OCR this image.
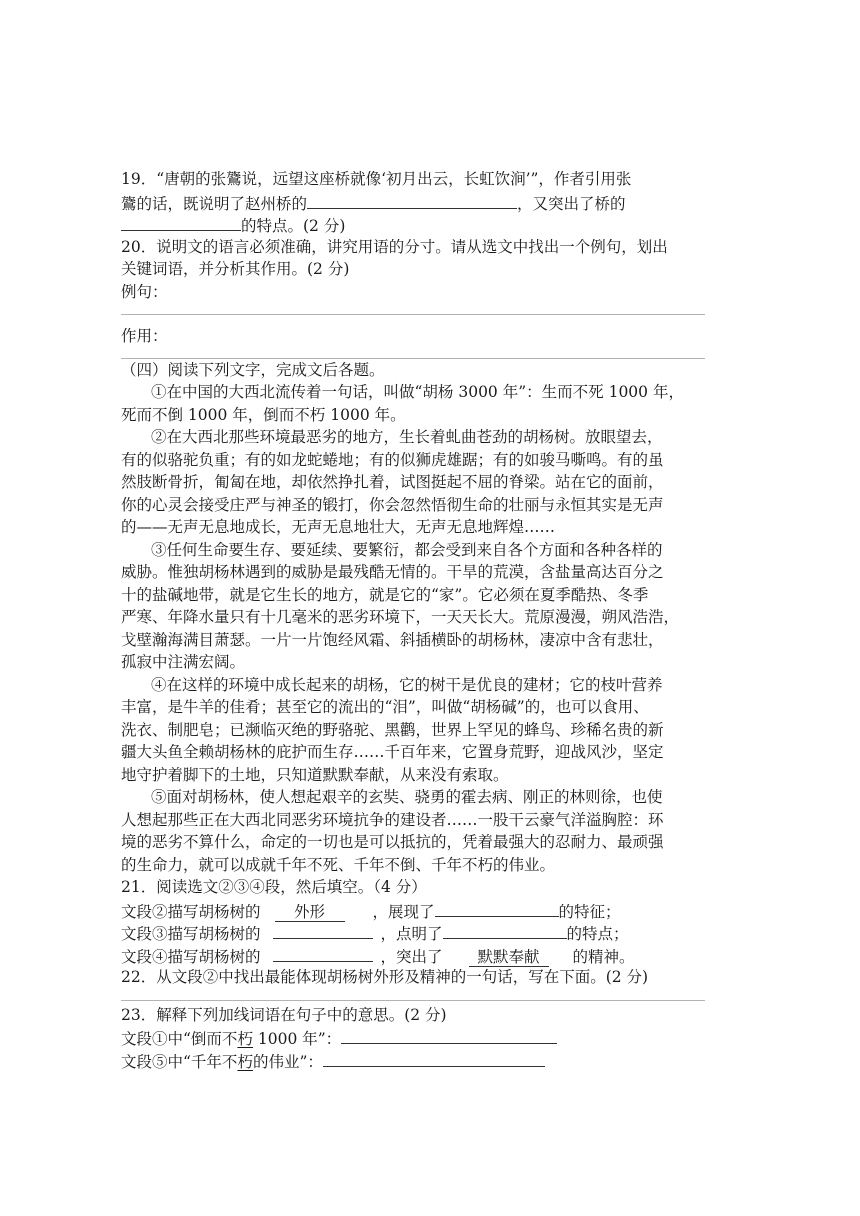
19．“唐朝的张鷟说，远望这座桥就像‘初月出云，长虹饮涧’”，作者引用张
鷟的话，既说明了赵州桥的	，又突出了桥的
的特点。(2 分)
20．说明文的语言必须准确，讲究用语的分寸。请从选文中找出一个例句，划出
关键词语，并分析其作用。(2 分)
例句：
作用：
（四）阅读下列文字，完成文后各题。
①在中国的大西北流传着一句话，叫做“胡杨 3000 年”：生而不死 1000 年，
死而不倒 1000 年，倒而不朽 1000 年。
②在大西北那些环境最恶劣的地方，生长着虬曲苍劲的胡杨树。放眼望去，
有的似骆驼负重；有的如龙蛇蜷地；有的似狮虎雄踞；有的如骏马嘶鸣。有的虽
然肢断骨折，匍匐在地，却依然挣扎着，试图挺起不屈的脊梁。站在它的面前，
你的心灵会接受庄严与神圣的锻打，你会忽然悟彻生命的壮丽与永恒其实是无声
的——无声无息地成长，无声无息地壮大，无声无息地辉煌……
③任何生命要生存、要延续、要繁衍，都会受到来自各个方面和各种各样的
威胁。惟独胡杨林遇到的威胁是最残酷无情的。干旱的荒漠，含盐量高达百分之
十的盐碱地带，就是它生长的地方，就是它的“家”。它必须在夏季酷热、冬季
严寒、年降水量只有十几毫米的恶劣环境下，一天天长大。荒原漫漫，朔风浩浩，
戈壁瀚海满目萧瑟。一片一片饱经风霜、斜插横卧的胡杨林，凄凉中含有悲壮，
孤寂中注满宏阔。
④在这样的环境中成长起来的胡杨，它的树干是优良的建材；它的枝叶营养
丰富，是牛羊的佳肴；甚至它的流出的“泪”，叫做“胡杨碱”的，也可以食用、
洗衣、制肥皂；已濒临灭绝的野骆驼、黑鹳，世界上罕见的蜂鸟、珍稀名贵的新
疆大头鱼全赖胡杨林的庇护而生存……千百年来，它置身荒野，迎战风沙，坚定
地守护着脚下的土地，只知道默默奉献，从来没有索取。
⑤面对胡杨林，使人想起艰辛的玄奘、骁勇的霍去病、刚正的林则徐，也使
人想起那些正在大西北同恶劣环境抗争的建设者……一股干云豪气洋溢胸腔：环
境的恶劣不算什么，命定的一切也是可以抵抗的，凭着最强大的忍耐力、最顽强
的生命力，就可以成就千年不死、千年不倒、千年不朽的伟业。
21．阅读选文②③④段，然后填空。（4 分）
文段②描写胡杨树的 外形	，展现了	的特征；
文段③描写胡杨树的	，点明了	的特点；
文段④描写胡杨树的	，突出了 默默奉献 的精神。
22．从文段②中找出最能体现胡杨树外形及精神的一句话，写在下面。(2 分)
23．解释下列加线词语在句子中的意思。(2 分)
文段①中“倒而不朽 1000 年”：
文段⑤中“千年不朽的伟业”：
